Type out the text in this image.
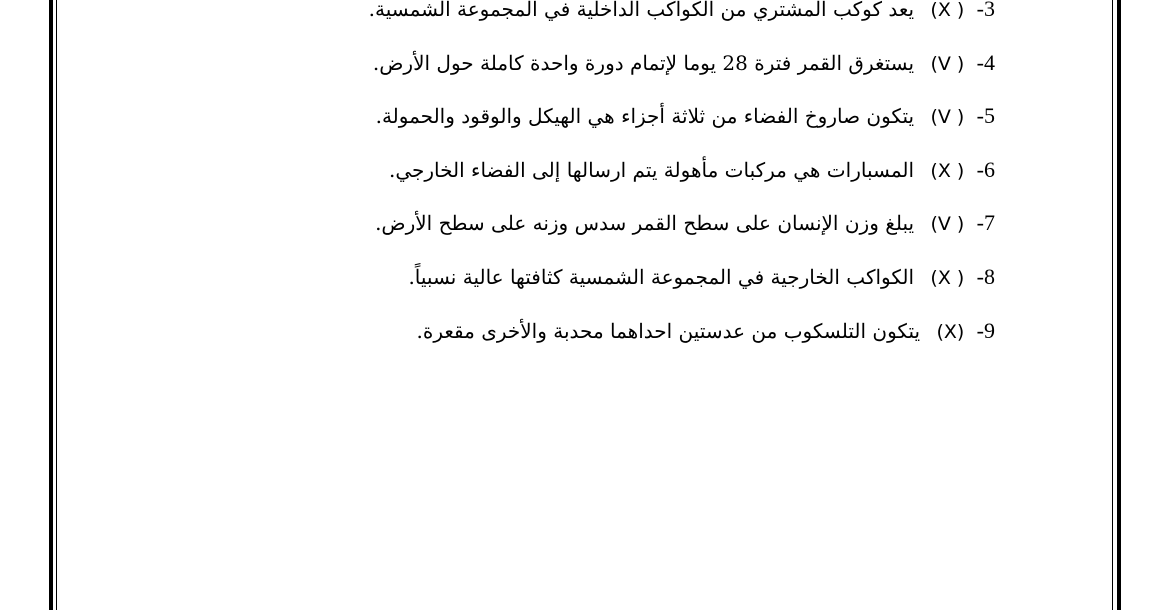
3- ( X) يعد كوكب المشتري من الكواكب الداخلية في المجموعة الشمسية.
4- ( V) يستغرق القمر فترة 28 يوما لإتمام دورة واحدة كاملة حول الأرض.
5- ( V) يتكون صاروخ الفضاء من ثلاثة أجزاء هي الهيكل والوقود والحمولة.
6- ( X) المسبارات هي مركبات مأهولة يتم ارسالها إلى الفضاء الخارجي.
7- ( V) يبلغ وزن الإنسان على سطح القمر سدس وزنه على سطح الأرض.
8- ( X) الكواكب الخارجية في المجموعة الشمسية كثافتها عالية نسبياً.
9- (X) يتكون التلسكوب من عدستين احداهما محدبة والأخرى مقعرة.
